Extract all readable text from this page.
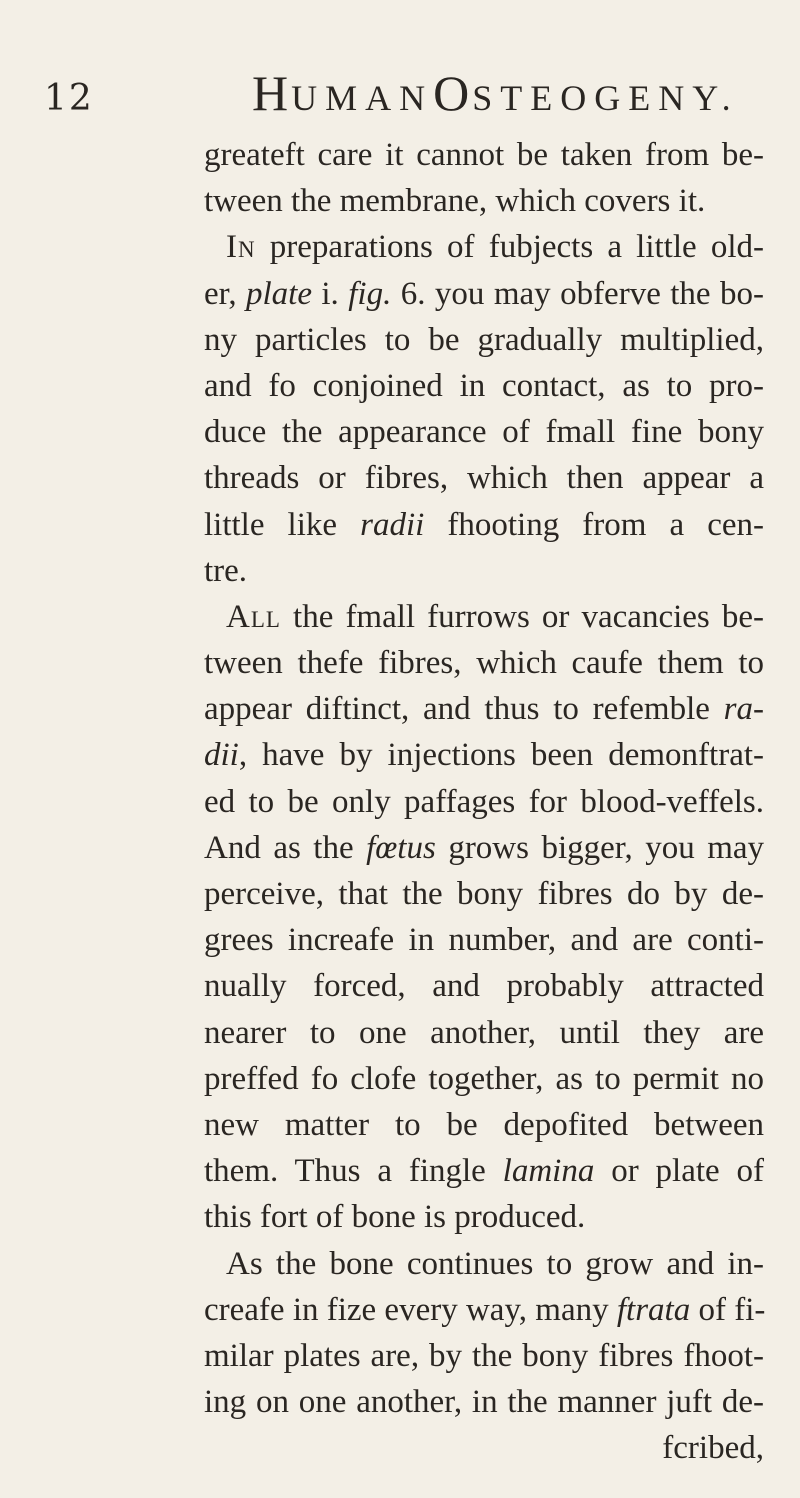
12	HUMANOSTEOGENY.
greateft care it cannot be taken from be-
tween the membrane, which covers it.
In preparations of fubjects a little old-
er, plate i. fig. 6. you may obferve the bo-
ny particles to be gradually multiplied,
and fo conjoined in contact, as to pro-
duce the appearance of fmall fine bony
threads or fibres, which then appear a
little like radii fhooting from a cen-
tre.
All the fmall furrows or vacancies be-
tween thefe fibres, which caufe them to
appear diftinct, and thus to refemble ra-
dii, have by injections been demonftrat-
ed to be only paffages for blood-veffels.
And as the fœtus grows bigger, you may
perceive, that the bony fibres do by de-
grees increafe in number, and are conti-
nually forced, and probably attracted
nearer to one another, until they are
preffed fo clofe together, as to permit no
new matter to be depofited between
them. Thus a fingle lamina or plate of
this fort of bone is produced.
As the bone continues to grow and in-
creafe in fize every way, many ftrata of fi-
milar plates are, by the bony fibres fhoot-
ing on one another, in the manner juft de-
fcribed,
